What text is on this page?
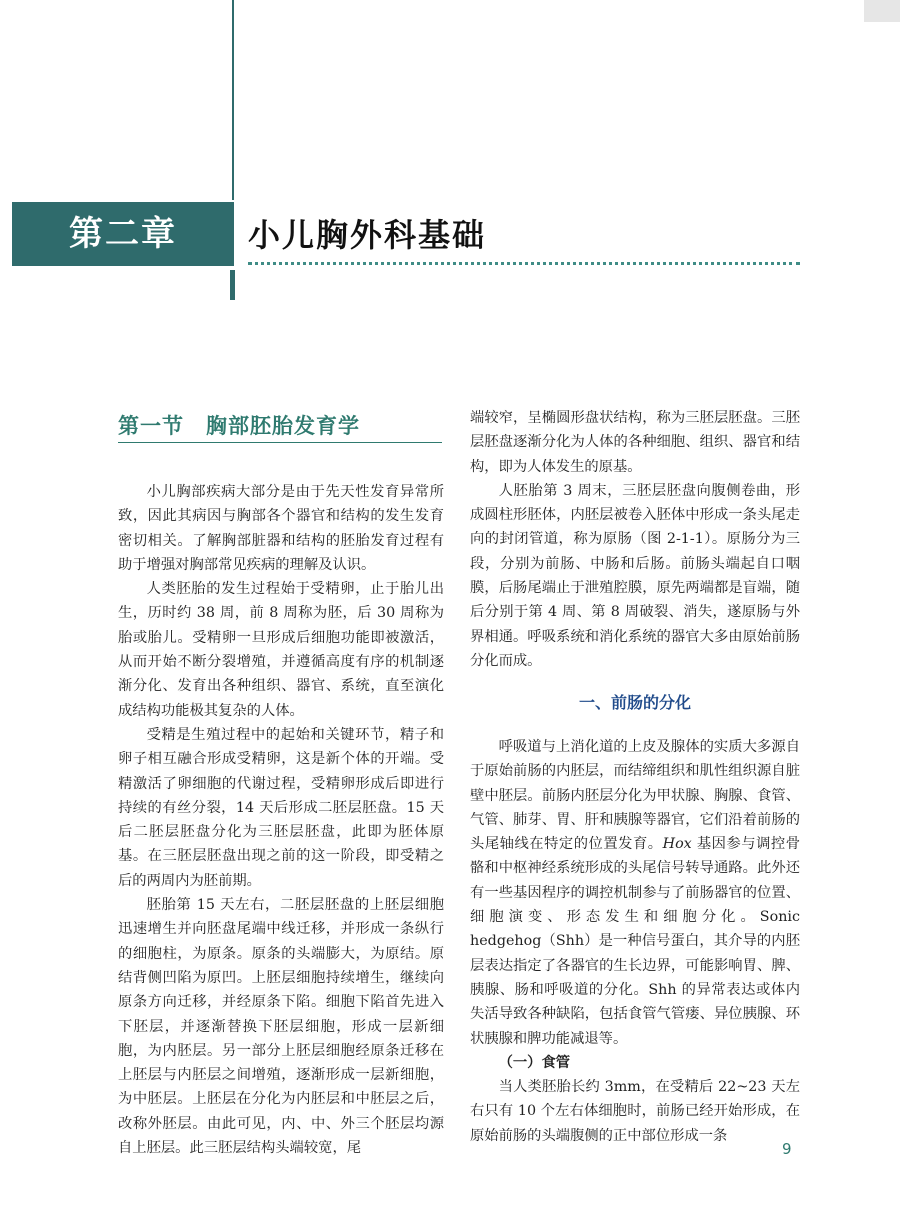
第二章	小儿胸外科基础
第一节　胸部胚胎发育学

小儿胸部疾病大部分是由于先天性发育异常所致，因此其病因与胸部各个器官和结构的发生发育密切相关。了解胸部脏器和结构的胚胎发育过程有助于增强对胸部常见疾病的理解及认识。

人类胚胎的发生过程始于受精卵，止于胎儿出生，历时约 38 周，前 8 周称为胚，后 30 周称为胎或胎儿。受精卵一旦形成后细胞功能即被激活，从而开始不断分裂增殖，并遵循高度有序的机制逐渐分化、发育出各种组织、器官、系统，直至演化成结构功能极其复杂的人体。

受精是生殖过程中的起始和关键环节，精子和卵子相互融合形成受精卵，这是新个体的开端。受精激活了卵细胞的代谢过程，受精卵形成后即进行持续的有丝分裂，14 天后形成二胚层胚盘。15 天后二胚层胚盘分化为三胚层胚盘，此即为胚体原基。在三胚层胚盘出现之前的这一阶段，即受精之后的两周内为胚前期。

胚胎第 15 天左右，二胚层胚盘的上胚层细胞迅速增生并向胚盘尾端中线迁移，并形成一条纵行的细胞柱，为原条。原条的头端膨大，为原结。原结背侧凹陷为原凹。上胚层细胞持续增生，继续向原条方向迁移，并经原条下陷。细胞下陷首先进入下胚层，并逐渐替换下胚层细胞，形成一层新细胞，为内胚层。另一部分上胚层细胞经原条迁移在上胚层与内胚层之间增殖，逐渐形成一层新细胞，为中胚层。上胚层在分化为内胚层和中胚层之后，改称外胚层。由此可见，内、中、外三个胚层均源自上胚层。此三胚层结构头端较宽，尾

端较窄，呈椭圆形盘状结构，称为三胚层胚盘。三胚层胚盘逐渐分化为人体的各种细胞、组织、器官和结构，即为人体发生的原基。

人胚胎第 3 周末，三胚层胚盘向腹侧卷曲，形成圆柱形胚体，内胚层被卷入胚体中形成一条头尾走向的封闭管道，称为原肠（图 2-1-1）。原肠分为三段，分别为前肠、中肠和后肠。前肠头端起自口咽膜，后肠尾端止于泄殖腔膜，原先两端都是盲端，随后分别于第 4 周、第 8 周破裂、消失，遂原肠与外界相通。呼吸系统和消化系统的器官大多由原始前肠分化而成。

一、前肠的分化

呼吸道与上消化道的上皮及腺体的实质大多源自于原始前肠的内胚层，而结缔组织和肌性组织源自脏壁中胚层。前肠内胚层分化为甲状腺、胸腺、食管、气管、肺芽、胃、肝和胰腺等器官，它们沿着前肠的头尾轴线在特定的位置发育。Hox 基因参与调控骨骼和中枢神经系统形成的头尾信号转导通路。此外还有一些基因程序的调控机制参与了前肠器官的位置、细胞演变、形态发生和细胞分化。Sonic hedgehog（Shh）是一种信号蛋白，其介导的内胚层表达指定了各器官的生长边界，可能影响胃、脾、胰腺、肠和呼吸道的分化。Shh 的异常表达或体内失活导致各种缺陷，包括食管气管瘘、异位胰腺、环状胰腺和脾功能减退等。

（一）食管

当人类胚胎长约 3mm，在受精后 22~23 天左右只有 10 个左右体细胞时，前肠已经开始形成，在原始前肠的头端腹侧的正中部位形成一条

9
